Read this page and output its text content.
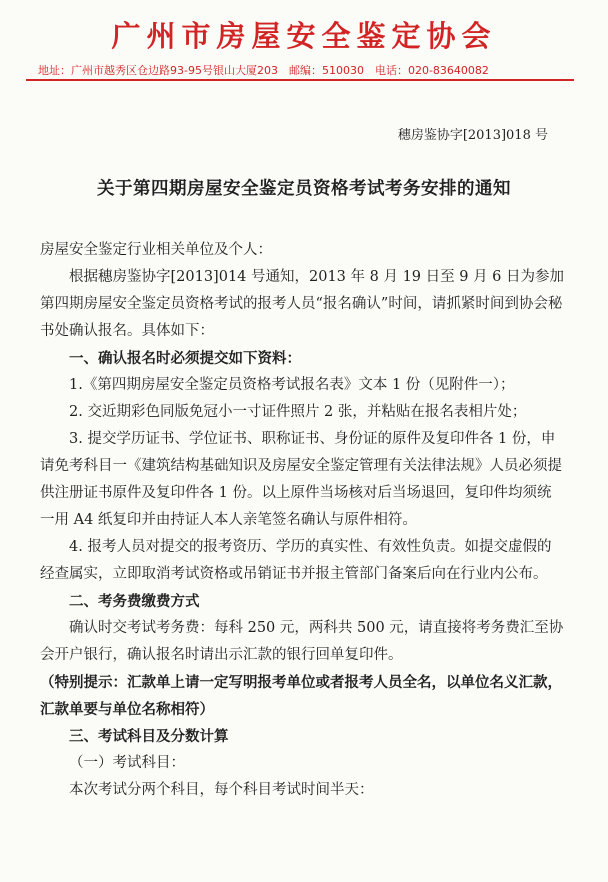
广州市房屋安全鉴定协会
地址：广州市越秀区仓边路93-95号银山大厦203　邮编：510030　电话：020-83640082
穗房鉴协字[2013]018 号
关于第四期房屋安全鉴定员资格考试考务安排的通知

房屋安全鉴定行业相关单位及个人：

根据穗房鉴协字[2013]014 号通知，2013 年 8 月 19 日至 9 月 6 日为参加第四期房屋安全鉴定员资格考试的报考人员“报名确认”时间，请抓紧时间到协会秘书处确认报名。具体如下：

一、确认报名时必须提交如下资料：

1.《第四期房屋安全鉴定员资格考试报名表》文本 1 份（见附件一）；

2. 交近期彩色同版免冠小一寸证件照片 2 张，并粘贴在报名表相片处；

3. 提交学历证书、学位证书、职称证书、身份证的原件及复印件各 1 份，申请免考科目一《建筑结构基础知识及房屋安全鉴定管理有关法律法规》人员必须提供注册证书原件及复印件各 1 份。以上原件当场核对后当场退回，复印件均须统一用 A4 纸复印并由持证人本人亲笔签名确认与原件相符。

4. 报考人员对提交的报考资历、学历的真实性、有效性负责。如提交虚假的经查属实，立即取消考试资格或吊销证书并报主管部门备案后向在行业内公布。

二、考务费缴费方式

确认时交考试考务费：每科 250 元，两科共 500 元，请直接将考务费汇至协会开户银行，确认报名时请出示汇款的银行回单复印件。

（特别提示：汇款单上请一定写明报考单位或者报考人员全名，以单位名义汇款，汇款单要与单位名称相符）

三、考试科目及分数计算

（一）考试科目：

本次考试分两个科目，每个科目考试时间半天：
